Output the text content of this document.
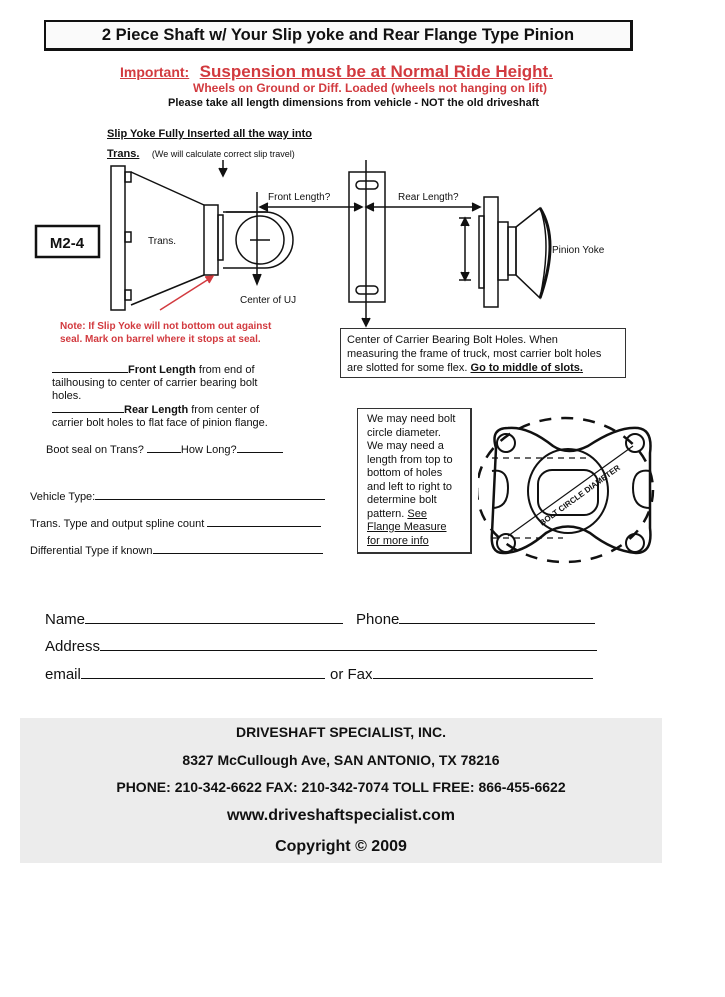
2 Piece Shaft w/ Your Slip yoke and Rear Flange Type Pinion
Important: Suspension must be at Normal Ride Height.
Wheels on Ground or Diff. Loaded (wheels not hanging on lift)
Please take all length dimensions from vehicle - NOT the old driveshaft
Slip Yoke Fully Inserted all the way into
Trans. (We will calculate correct slip travel)
M2-4	Trans.
Center of UJ
Front Length?	Rear Length?
Pinion Yoke
Note: If Slip Yoke will not bottom out against
seal. Mark on barrel where it stops at seal.	Center of Carrier Bearing Bolt Holes. When
measuring the frame of truck, most carrier bolt holes
are slotted for some flex. Go to middle of slots.
Front Length from end of
tailhousing to center of carrier bearing bolt
holes.
Rear Length from center of
carrier bolt holes to flat face of pinion flange.
Boot seal on Trans?	How Long?
Vehicle Type:
Trans. Type and output spline count
Differential Type if known
We may need bolt
circle diameter.
We may need a
length from top to
bottom of holes
and left to right to
determine bolt
pattern. See
Flange Measure
for more info
BOLT CIRCLE DIAMETER
Name	Phone
Address
email	or Fax
DRIVESHAFT SPECIALIST, INC.
8327 McCullough Ave, SAN ANTONIO, TX 78216
PHONE: 210-342-6622 FAX: 210-342-7074 TOLL FREE: 866-455-6622
www.driveshaftspecialist.com
Copyright © 2009
